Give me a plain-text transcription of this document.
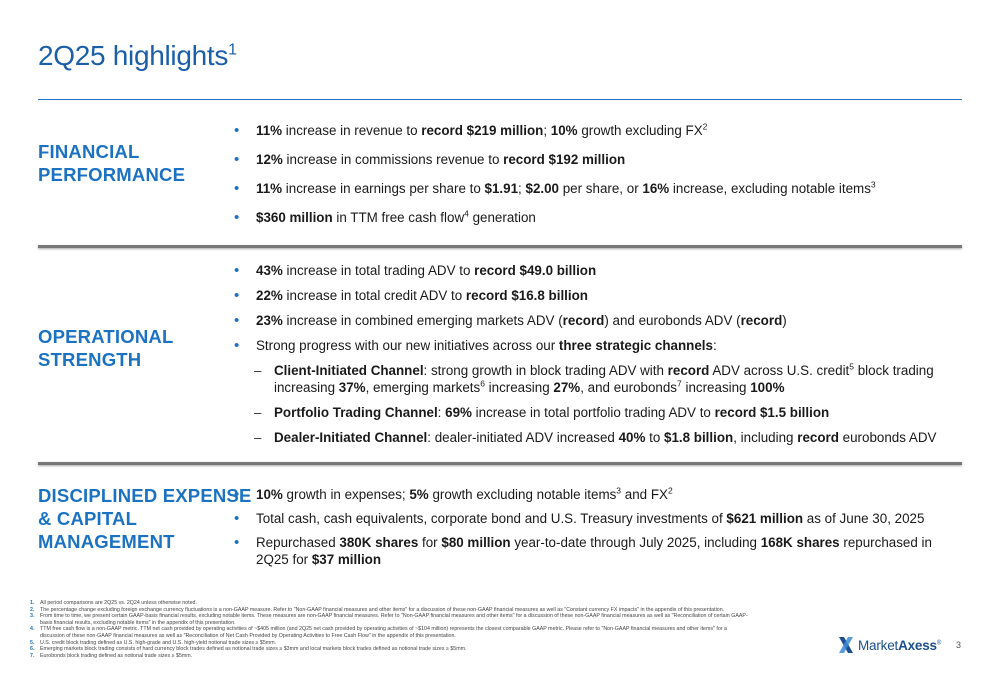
2Q25 highlights$^1$
FINANCIAL
PERFORMANCE
• 11% increase in revenue to record $219 million; 10% growth excluding $FX^2$
• 12% increase in commissions revenue to record $192 million
• 11% increase in earnings per share to $1.91; $2.00 per share, or 16% increase, excluding notable items$^3$
• $360 million in TTM free cash flow$^4$ generation
OPERATIONAL
STRENGTH
• 43% increase in total trading ADV to record $49.0 billion
• 22% increase in total credit ADV to record $16.8 billion
• 23% increase in combined emerging markets ADV (record) and eurobonds ADV (record)
• Strong progress with our new initiatives across our three strategic channels:
– Client-Initiated Channel: strong growth in block trading ADV with record ADV across U.S. credit$^5$ block trading increasing 37%, emerging markets$^6$ increasing 27%, and eurobonds$^7$ increasing 100%
– Portfolio Trading Channel: 69% increase in total portfolio trading ADV to record $1.5 billion
– Dealer-Initiated Channel: dealer-initiated ADV increased 40% to $1.8 billion, including record eurobonds ADV
DISCIPLINED EXPENSE
& CAPITAL
MANAGEMENT
• 10% growth in expenses; 5% growth excluding notable items$^3$ and $FX^2$
• Total cash, cash equivalents, corporate bond and U.S. Treasury investments of $621 million as of June 30, 2025
• Repurchased 380K shares for $80 million year-to-date through July 2025, including 168K shares repurchased in 2Q25 for $37 million
1. All period comparisons are 2Q25 vs. 2Q24 unless otherwise noted.
2. The percentage change excluding foreign exchange currency fluctuations is a non-GAAP measure. Refer to "Non-GAAP financial measures and other items" for a discussion of these non-GAAP financial measures as well as "Constant currency FX impacts" in the appendix of this presentation.
3. From time to time, we present certain GAAP-basis financial results, excluding notable items. These measures are non-GAAP financial measures. Refer to "Non-GAAP financial measures and other items" for a discussion of these non-GAAP financial measures as well as "Reconciliation of certain GAAP-basis financial results, excluding notable items" in the appendix of this presentation.
4. TTM free cash flow is a non-GAAP metric. TTM net cash provided by operating activities of ~$405 million (and 2Q25 net cash provided by operating activities of ~$104 million) represents the closest comparable GAAP metric. Please refer to "Non-GAAP financial measures and other items" for a discussion of these non-GAAP financial measures as well as "Reconciliation of Net Cash Provided by Operating Activities to Free Cash Flow" in the appendix of this presentation.
5. U.S. credit block trading defined as U.S. high-grade and U.S. high-yield notional trade sizes ≥ $5mm.
6. Emerging markets block trading consists of hard currency block trades defined as notional trade sizes ≥ $3mm and local markets block trades defined as notional trade sizes ≥ $5mm.
7. Eurobonds block trading defined as notional trade sizes ≥ $5mm.
MarketAxess® 3
